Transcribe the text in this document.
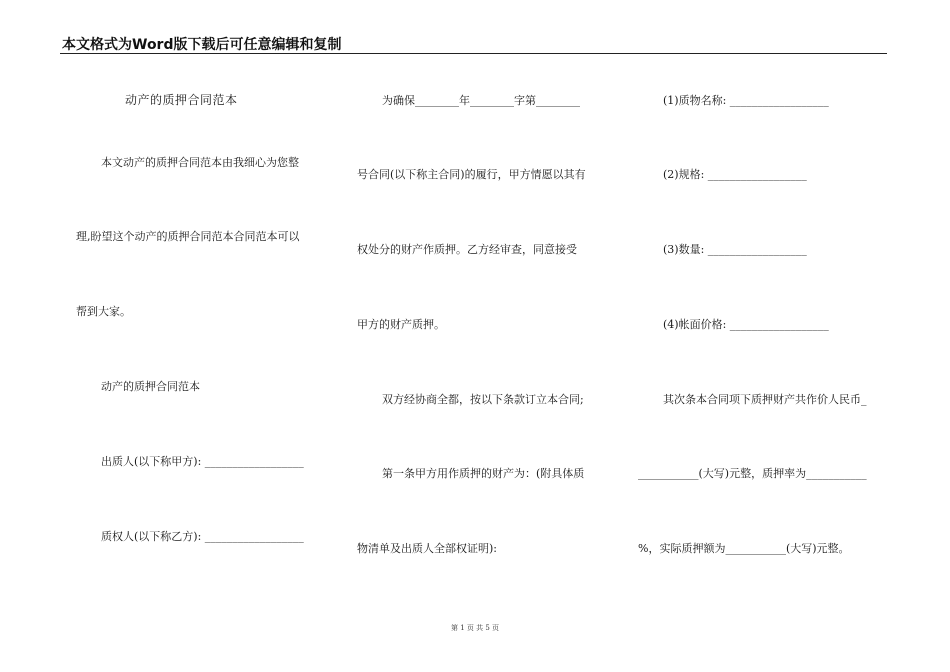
本文格式为Word版下载后可任意编辑和复制
动产的质押合同范本
本文动产的质押合同范本由我细心为您整
理,盼望这个动产的质押合同范本合同范本可以
帮到大家。
动产的质押合同范本
出质人(以下称甲方): __________________
质权人(以下称乙方): __________________
为确保________年________字第________
号合同(以下称主合同)的履行，甲方情愿以其有
权处分的财产作质押。乙方经审查，同意接受
甲方的财产质押。
双方经协商全都，按以下条款订立本合同;
第一条甲方用作质押的财产为：(附具体质
物清单及出质人全部权证明):
(1)质物名称: __________________
(2)规格: __________________
(3)数量: __________________
(4)帐面价格: __________________
其次条本合同项下质押财产共作价人民币_
___________(大写)元整，质押率为___________
%，实际质押额为___________(大写)元整。
第 1 页 共 5 页
